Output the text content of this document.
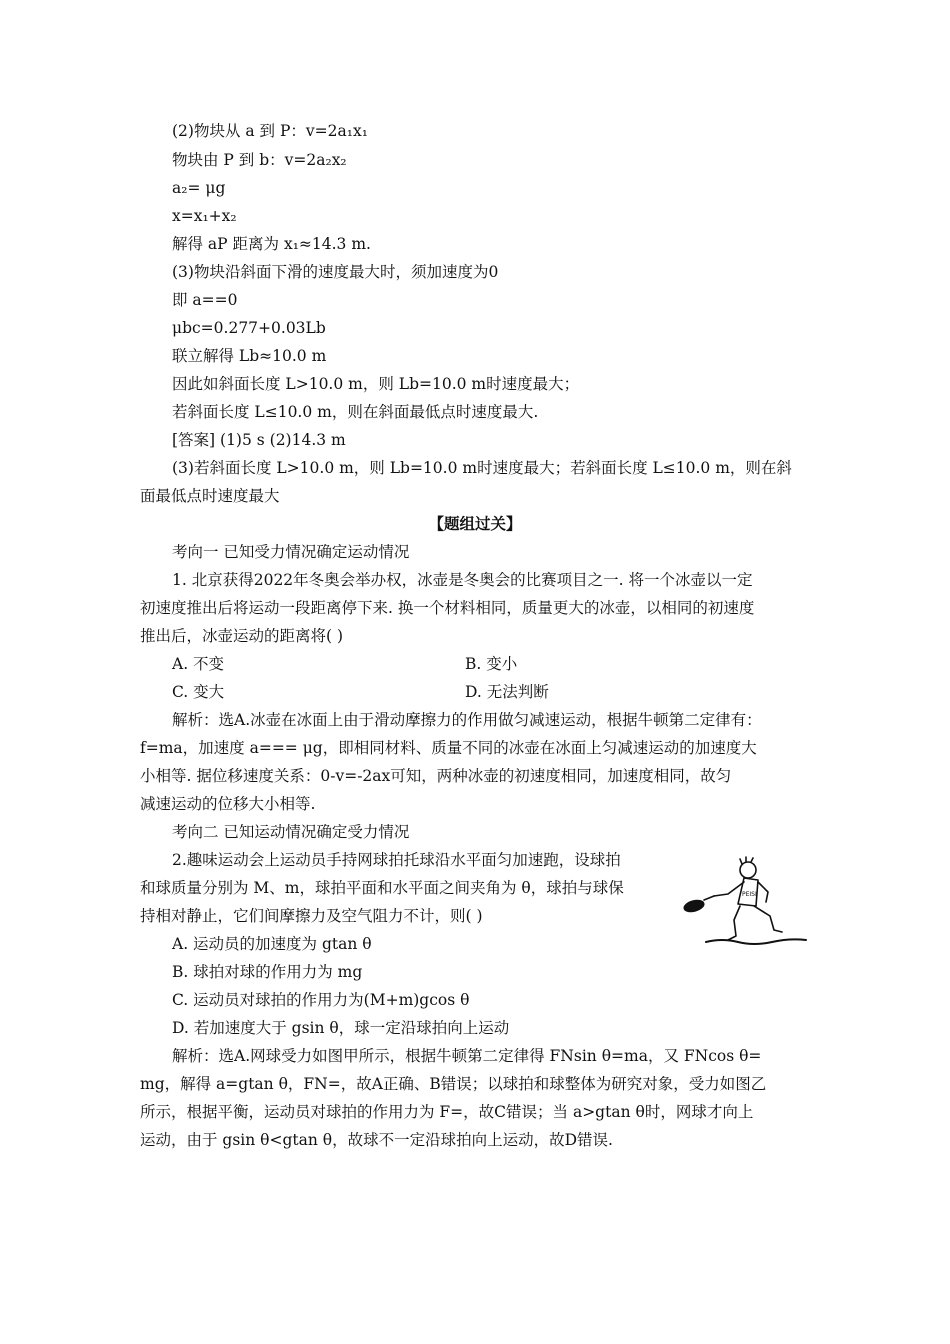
(2)物块从 a 到 P：v=2a₁x₁
物块由 P 到 b：v=2a₂x₂
a₂= μg
x=x₁+x₂
解得 aP 距离为 x₁≈14.3 m.
(3)物块沿斜面下滑的速度最大时，须加速度为0
即 a==0
μbc=0.277+0.03Lb
联立解得 Lb≈10.0 m
因此如斜面长度 L>10.0 m，则 Lb=10.0 m时速度最大；
若斜面长度 L≤10.0 m，则在斜面最低点时速度最大.
[答案] (1)5 s (2)14.3 m
(3)若斜面长度 L>10.0 m，则 Lb=10.0 m时速度最大；若斜面长度 L≤10.0 m，则在斜
面最低点时速度最大
【题组过关】
考向一 已知受力情况确定运动情况
1. 北京获得2022年冬奥会举办权，冰壶是冬奥会的比赛项目之一. 将一个冰壶以一定
初速度推出后将运动一段距离停下来. 换一个材料相同，质量更大的冰壶，以相同的初速度
推出后，冰壶运动的距离将( )
A. 不变	B. 变小
C. 变大	D. 无法判断
解析：选A.冰壶在冰面上由于滑动摩擦力的作用做匀减速运动，根据牛顿第二定律有：
f=ma，加速度 a=== μg，即相同材料、质量不同的冰壶在冰面上匀减速运动的加速度大
小相等. 据位移速度关系：0-v=-2ax可知，两种冰壶的初速度相同，加速度相同，故匀
减速运动的位移大小相等.
考向二 已知运动情况确定受力情况
2.趣味运动会上运动员手持网球拍托球沿水平面匀加速跑，设球拍
和球质量分别为 M、m，球拍平面和水平面之间夹角为 θ，球拍与球保
持相对静止，它们间摩擦力及空气阻力不计，则( )
A. 运动员的加速度为 gtan θ
B. 球拍对球的作用力为 mg
C. 运动员对球拍的作用力为(M+m)gcos θ
D. 若加速度大于 gsin θ，球一定沿球拍向上运动
解析：选A.网球受力如图甲所示，根据牛顿第二定律得 FNsin θ=ma，又 FNcos θ=
mg，解得 a=gtan θ，FN=，故A正确、B错误；以球拍和球整体为研究对象，受力如图乙
所示，根据平衡，运动员对球拍的作用力为 F=，故C错误；当 a>gtan θ时，网球才向上
运动，由于 gsin θ<gtan θ，故球不一定沿球拍向上运动，故D错误.
PEISI
